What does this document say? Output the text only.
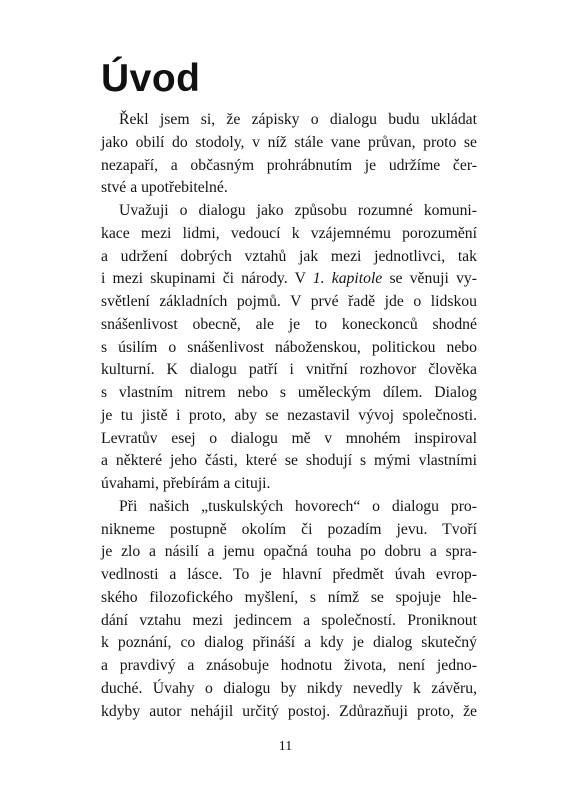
Úvod

Řekl jsem si, že zápisky o dialogu budu ukládat
jako obilí do stodoly, v níž stále vane průvan, proto se
nezapaří, a občasným prohrábnutím je udržíme čer-
stvé a upotřebitelné.

Uvažuji o dialogu jako způsobu rozumné komuni-
kace mezi lidmi, vedoucí k vzájemnému porozumění
a udržení dobrých vztahů jak mezi jednotlivci, tak
i mezi skupinami či národy. V 1. kapitole se věnuji vy-
světlení základních pojmů. V prvé řadě jde o lidskou
snášenlivost obecně, ale je to koneckonců shodné
s úsilím o snášenlivost náboženskou, politickou nebo
kulturní. K dialogu patří i vnitřní rozhovor člověka
s vlastním nitrem nebo s uměleckým dílem. Dialog
je tu jistě i proto, aby se nezastavil vývoj společnosti.
Levratův esej o dialogu mě v mnohém inspiroval
a některé jeho části, které se shodují s mými vlastními
úvahami, přebírám a cituji.

Při našich „tuskulských hovorech“ o dialogu pro-
nikneme postupně okolím či pozadím jevu. Tvoří
je zlo a násilí a jemu opačná touha po dobru a spra-
vedlnosti a lásce. To je hlavní předmět úvah evrop-
ského filozofického myšlení, s nímž se spojuje hle-
dání vztahu mezi jedincem a společností. Proniknout
k poznání, co dialog přináší a kdy je dialog skutečný
a pravdivý a znásobuje hodnotu života, není jedno-
duché. Úvahy o dialogu by nikdy nevedly k závěru,
kdyby autor nehájil určitý postoj. Zdůrazňuji proto, že

11
